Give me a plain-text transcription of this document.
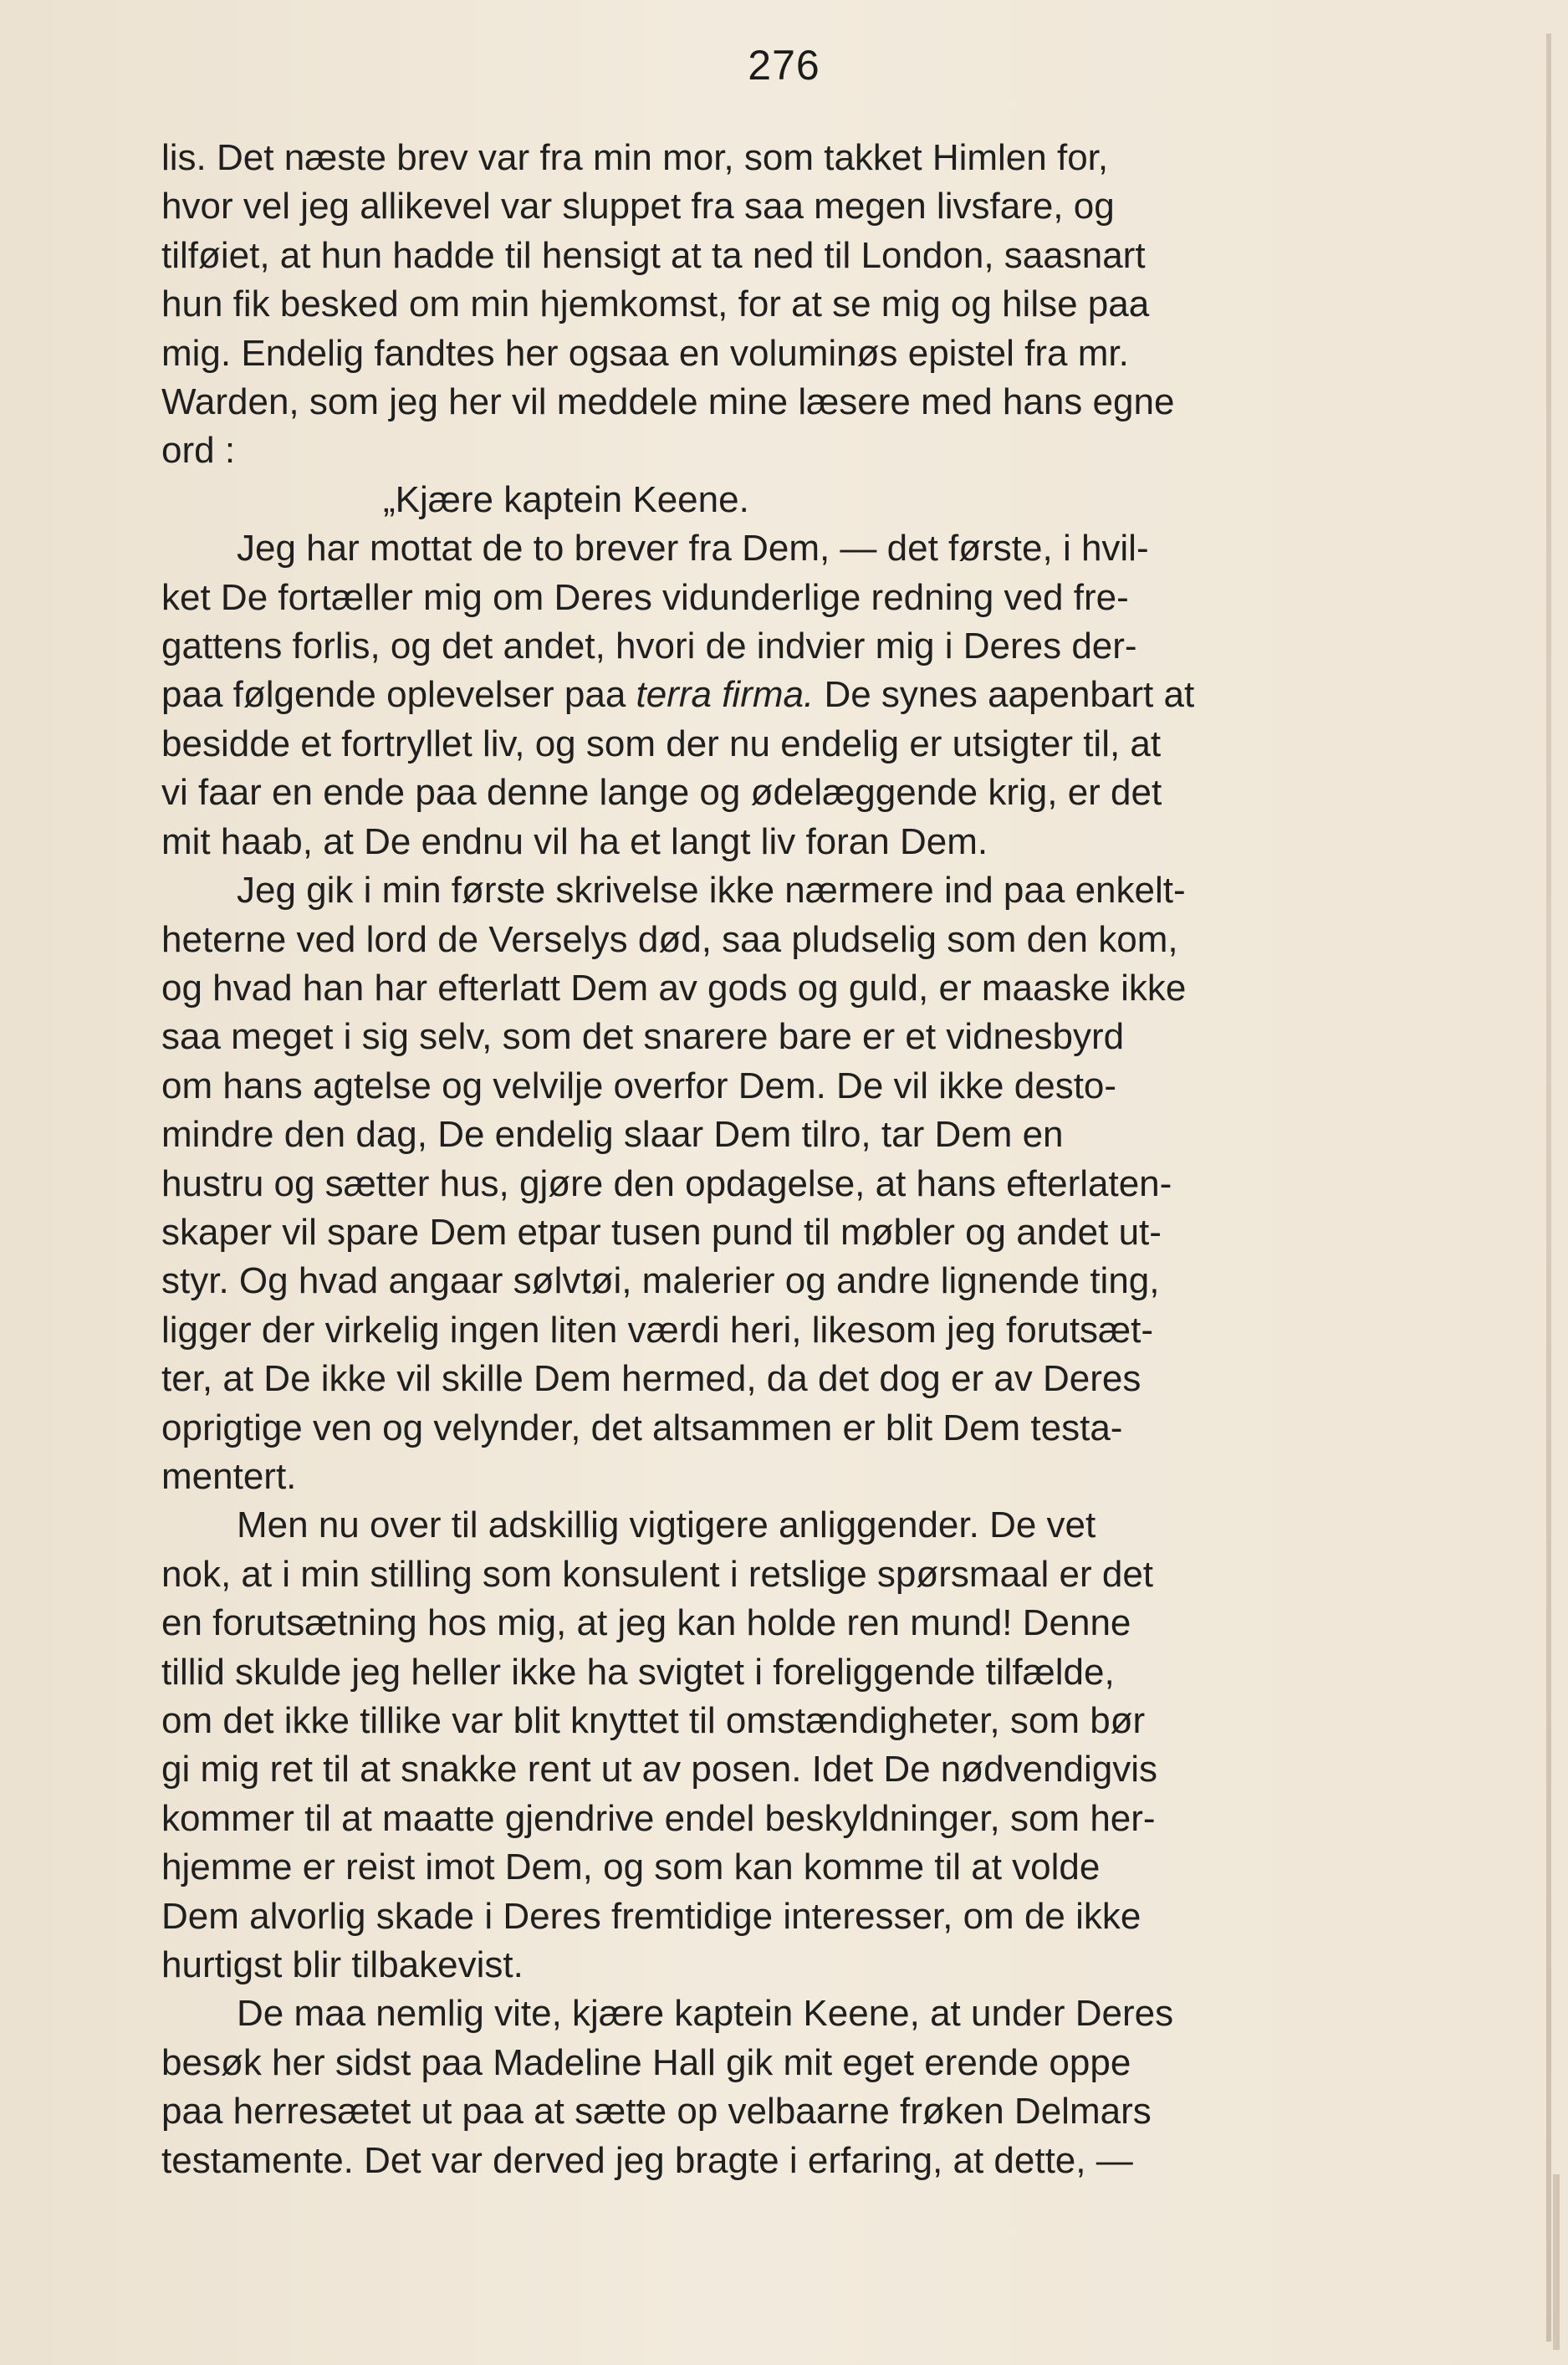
276
lis. Det næste brev var fra min mor, som takket Himlen for,
hvor vel jeg allikevel var sluppet fra saa megen livsfare, og
tilføiet, at hun hadde til hensigt at ta ned til London, saasnart
hun fik besked om min hjemkomst, for at se mig og hilse paa
mig. Endelig fandtes her ogsaa en voluminøs epistel fra mr.
Warden, som jeg her vil meddele mine læsere med hans egne
ord :
„Kjære kaptein Keene.
Jeg har mottat de to brever fra Dem, — det første, i hvil-
ket De fortæller mig om Deres vidunderlige redning ved fre-
gattens forlis, og det andet, hvori de indvier mig i Deres der-
paa følgende oplevelser paa terra firma. De synes aapenbart at
besidde et fortryllet liv, og som der nu endelig er utsigter til, at
vi faar en ende paa denne lange og ødelæggende krig, er det
mit haab, at De endnu vil ha et langt liv foran Dem.
Jeg gik i min første skrivelse ikke nærmere ind paa enkelt-
heterne ved lord de Verselys død, saa pludselig som den kom,
og hvad han har efterlatt Dem av gods og guld, er maaske ikke
saa meget i sig selv, som det snarere bare er et vidnesbyrd
om hans agtelse og velvilje overfor Dem. De vil ikke desto-
mindre den dag, De endelig slaar Dem tilro, tar Dem en
hustru og sætter hus, gjøre den opdagelse, at hans efterlaten-
skaper vil spare Dem etpar tusen pund til møbler og andet ut-
styr. Og hvad angaar sølvtøi, malerier og andre lignende ting,
ligger der virkelig ingen liten værdi heri, likesom jeg forutsæt-
ter, at De ikke vil skille Dem hermed, da det dog er av Deres
oprigtige ven og velynder, det altsammen er blit Dem testa-
mentert.
Men nu over til adskillig vigtigere anliggender. De vet
nok, at i min stilling som konsulent i retslige spørsmaal er det
en forutsætning hos mig, at jeg kan holde ren mund! Denne
tillid skulde jeg heller ikke ha svigtet i foreliggende tilfælde,
om det ikke tillike var blit knyttet til omstændigheter, som bør
gi mig ret til at snakke rent ut av posen. Idet De nødvendigvis
kommer til at maatte gjendrive endel beskyldninger, som her-
hjemme er reist imot Dem, og som kan komme til at volde
Dem alvorlig skade i Deres fremtidige interesser, om de ikke
hurtigst blir tilbakevist.
De maa nemlig vite, kjære kaptein Keene, at under Deres
besøk her sidst paa Madeline Hall gik mit eget erende oppe
paa herresætet ut paa at sætte op velbaarne frøken Delmars
testamente. Det var derved jeg bragte i erfaring, at dette, —
